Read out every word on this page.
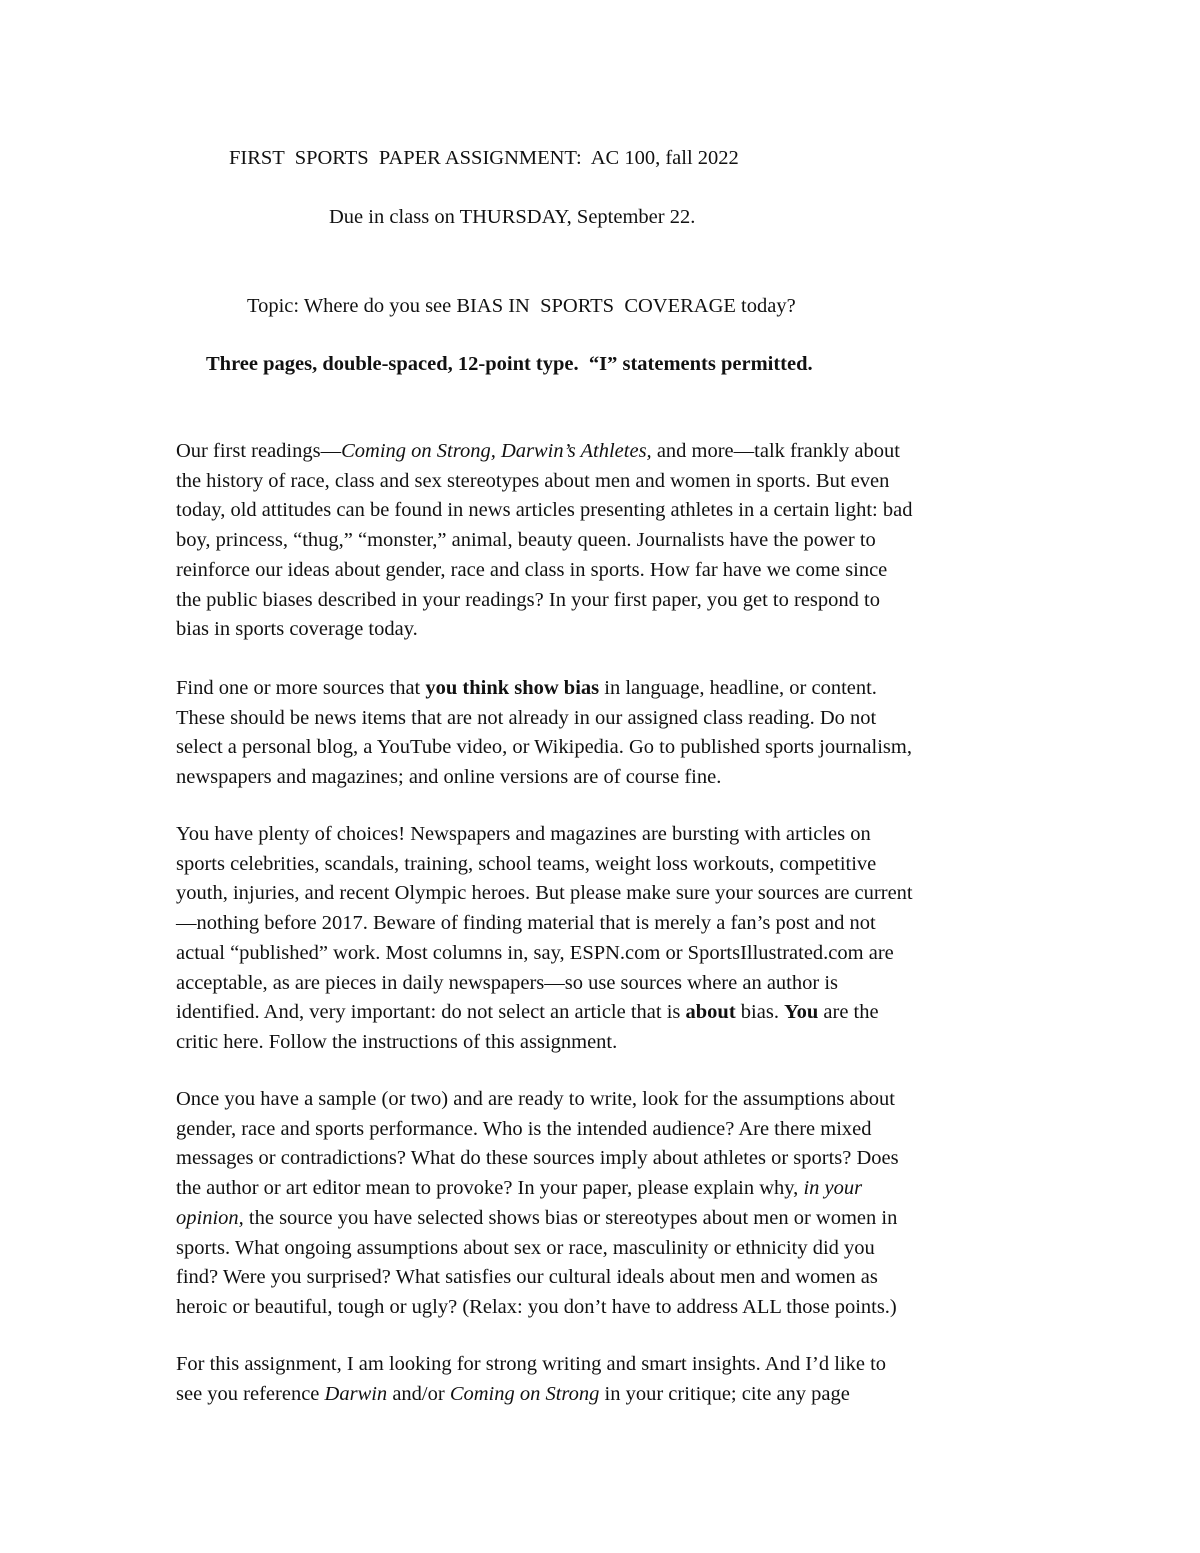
FIRST  SPORTS  PAPER ASSIGNMENT:  AC 100, fall 2022
Due in class on THURSDAY, September 22.
Topic: Where do you see BIAS IN  SPORTS  COVERAGE today?
Three pages, double-spaced, 12-point type.  “I” statements permitted.
Our first readings—Coming on Strong, Darwin’s Athletes, and more—talk frankly about
the history of race, class and sex stereotypes about men and women in sports. But even
today, old attitudes can be found in news articles presenting athletes in a certain light: bad
boy, princess, “thug,” “monster,” animal, beauty queen. Journalists have the power to
reinforce our ideas about gender, race and class in sports. How far have we come since
the public biases described in your readings? In your first paper, you get to respond to
bias in sports coverage today.
Find one or more sources that you think show bias in language, headline, or content.
These should be news items that are not already in our assigned class reading. Do not
select a personal blog, a YouTube video, or Wikipedia. Go to published sports journalism,
newspapers and magazines; and online versions are of course fine.
You have plenty of choices! Newspapers and magazines are bursting with articles on
sports celebrities, scandals, training, school teams, weight loss workouts, competitive
youth, injuries, and recent Olympic heroes. But please make sure your sources are current
—nothing before 2017. Beware of finding material that is merely a fan’s post and not
actual “published” work. Most columns in, say, ESPN.com or SportsIllustrated.com are
acceptable, as are pieces in daily newspapers—so use sources where an author is
identified. And, very important: do not select an article that is about bias. You are the
critic here. Follow the instructions of this assignment.
Once you have a sample (or two) and are ready to write, look for the assumptions about
gender, race and sports performance. Who is the intended audience? Are there mixed
messages or contradictions? What do these sources imply about athletes or sports? Does
the author or art editor mean to provoke? In your paper, please explain why, in your
opinion, the source you have selected shows bias or stereotypes about men or women in
sports. What ongoing assumptions about sex or race, masculinity or ethnicity did you
find? Were you surprised? What satisfies our cultural ideals about men and women as
heroic or beautiful, tough or ugly? (Relax: you don’t have to address ALL those points.)
For this assignment, I am looking for strong writing and smart insights. And I’d like to
see you reference Darwin and/or Coming on Strong in your critique; cite any page
